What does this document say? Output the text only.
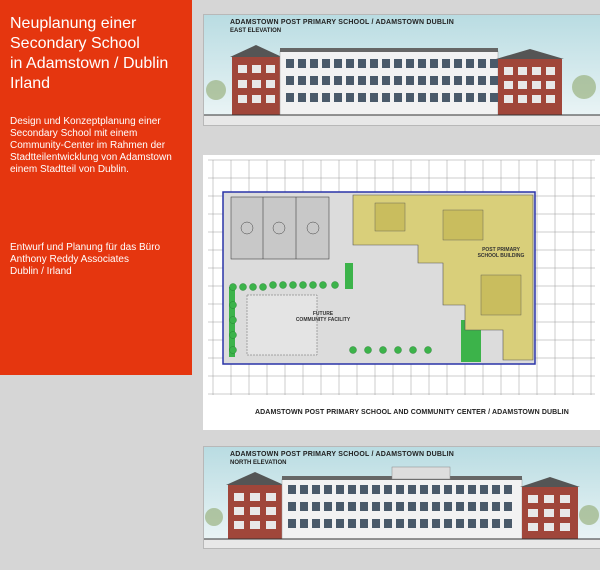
Neuplanung einer
Secondary School
in Adamstown / Dublin
Irland
Design und Konzeptplanung einer
Secondary School mit einem
Community-Center im Rahmen der
Stadtteilentwicklung von Adamstown
einem Stadtteil von Dublin.
Entwurf und Planung für das Büro
Anthony Reddy Associates
Dublin / Irland
ADAMSTOWN POST PRIMARY SCHOOL / ADAMSTOWN DUBLIN
EAST ELEVATION
FUTURE
COMMUNITY FACILITY
POST PRIMARY
SCHOOL BUILDING
ADAMSTOWN POST PRIMARY SCHOOL AND COMMUNITY CENTER / ADAMSTOWN DUBLIN
ADAMSTOWN POST PRIMARY SCHOOL / ADAMSTOWN DUBLIN
NORTH ELEVATION
